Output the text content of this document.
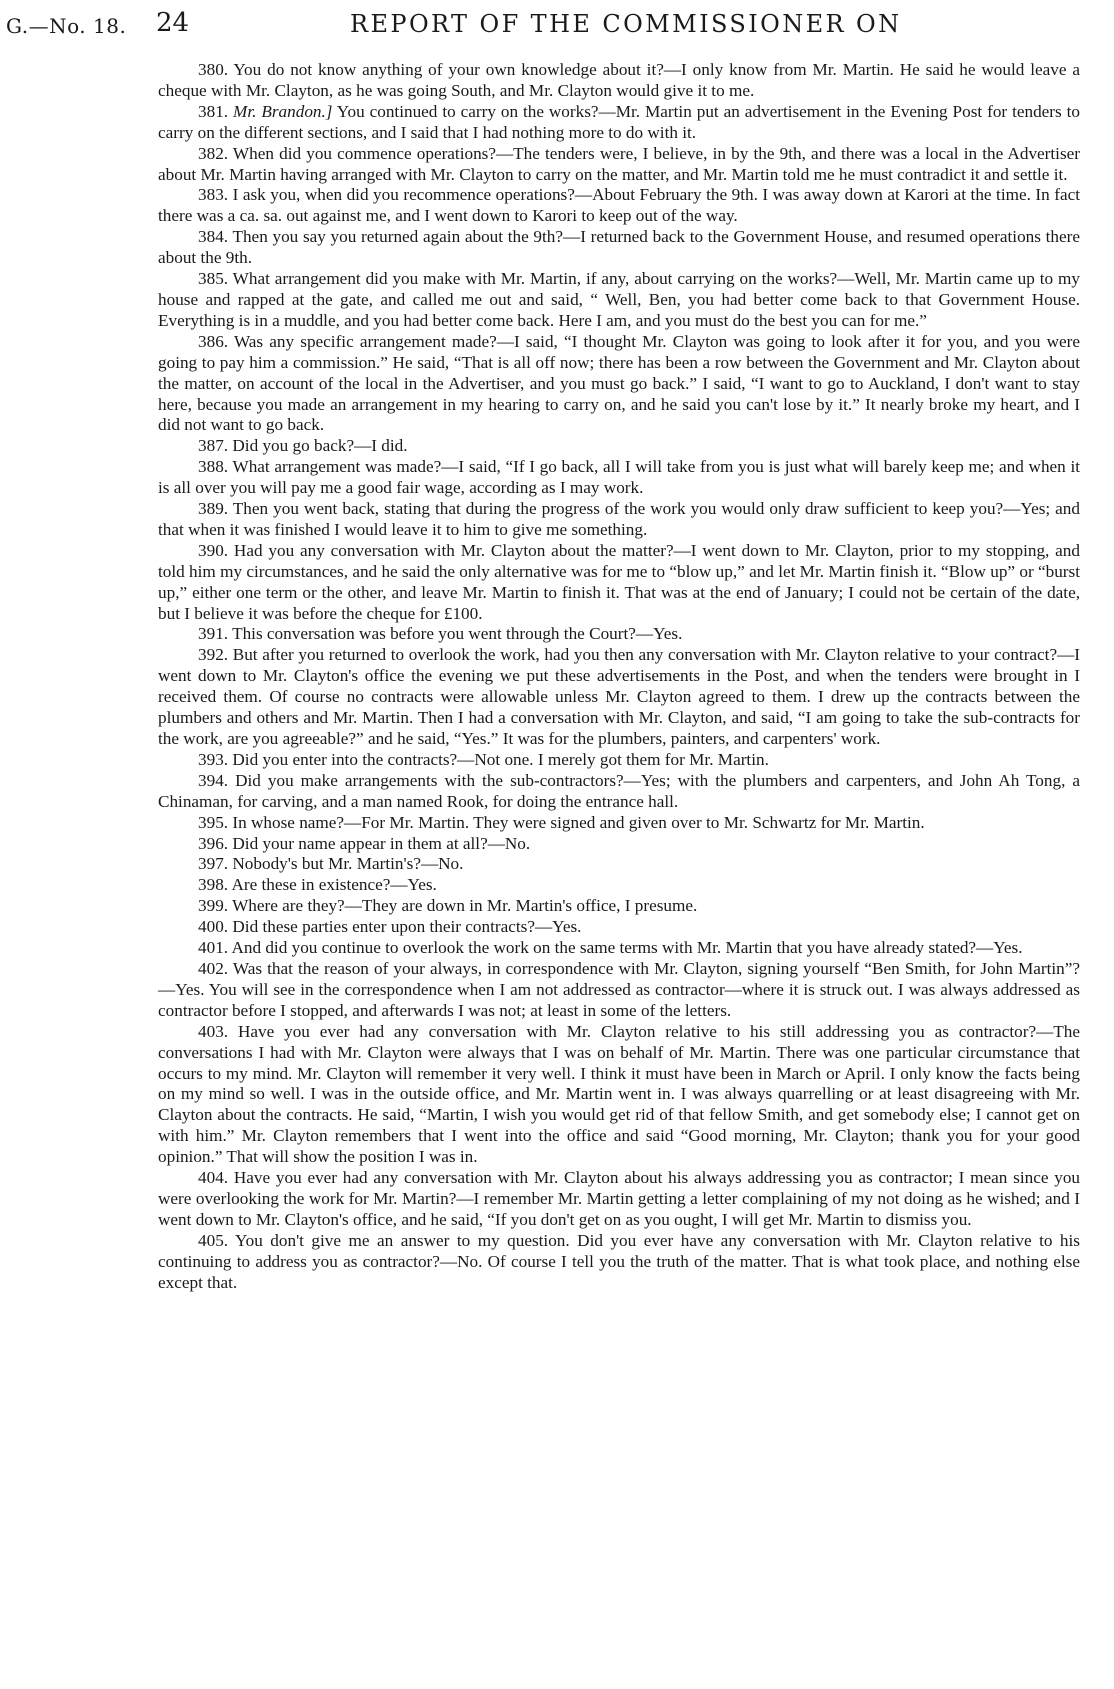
G.—No. 18. 24	REPORT OF THE COMMISSIONER ON

380. You do not know anything of your own knowledge about it?—I only know from Mr. Martin. He said he would leave a cheque with Mr. Clayton, as he was going South, and Mr. Clayton would give it to me.

381. Mr. Brandon.] You continued to carry on the works?—Mr. Martin put an advertisement in the Evening Post for tenders to carry on the different sections, and I said that I had nothing more to do with it.

382. When did you commence operations?—The tenders were, I believe, in by the 9th, and there was a local in the Advertiser about Mr. Martin having arranged with Mr. Clayton to carry on the matter, and Mr. Martin told me he must contradict it and settle it.

383. I ask you, when did you recommence operations?—About February the 9th. I was away down at Karori at the time. In fact there was a ca. sa. out against me, and I went down to Karori to keep out of the way.

384. Then you say you returned again about the 9th?—I returned back to the Government House, and resumed operations there about the 9th.

385. What arrangement did you make with Mr. Martin, if any, about carrying on the works?—Well, Mr. Martin came up to my house and rapped at the gate, and called me out and said, “ Well, Ben, you had better come back to that Government House. Everything is in a muddle, and you had better come back. Here I am, and you must do the best you can for me.”

386. Was any specific arrangement made?—I said, “I thought Mr. Clayton was going to look after it for you, and you were going to pay him a commission.” He said, “That is all off now; there has been a row between the Government and Mr. Clayton about the matter, on account of the local in the Advertiser, and you must go back.” I said, “I want to go to Auckland, I don't want to stay here, because you made an arrangement in my hearing to carry on, and he said you can't lose by it.” It nearly broke my heart, and I did not want to go back.

387. Did you go back?—I did.

388. What arrangement was made?—I said, “If I go back, all I will take from you is just what will barely keep me; and when it is all over you will pay me a good fair wage, according as I may work.

389. Then you went back, stating that during the progress of the work you would only draw sufficient to keep you?—Yes; and that when it was finished I would leave it to him to give me something.

390. Had you any conversation with Mr. Clayton about the matter?—I went down to Mr. Clayton, prior to my stopping, and told him my circumstances, and he said the only alternative was for me to “blow up,” and let Mr. Martin finish it. “Blow up” or “burst up,” either one term or the other, and leave Mr. Martin to finish it. That was at the end of January; I could not be certain of the date, but I believe it was before the cheque for £100.

391. This conversation was before you went through the Court?—Yes.

392. But after you returned to overlook the work, had you then any conversation with Mr. Clayton relative to your contract?—I went down to Mr. Clayton's office the evening we put these advertisements in the Post, and when the tenders were brought in I received them. Of course no contracts were allowable unless Mr. Clayton agreed to them. I drew up the contracts between the plumbers and others and Mr. Martin. Then I had a conversation with Mr. Clayton, and said, “I am going to take the sub-contracts for the work, are you agreeable?” and he said, “Yes.” It was for the plumbers, painters, and carpenters' work.

393. Did you enter into the contracts?—Not one. I merely got them for Mr. Martin.

394. Did you make arrangements with the sub-contractors?—Yes; with the plumbers and carpenters, and John Ah Tong, a Chinaman, for carving, and a man named Rook, for doing the entrance hall.

395. In whose name?—For Mr. Martin. They were signed and given over to Mr. Schwartz for Mr. Martin.

396. Did your name appear in them at all?—No.

397. Nobody's but Mr. Martin's?—No.

398. Are these in existence?—Yes.

399. Where are they?—They are down in Mr. Martin's office, I presume.

400. Did these parties enter upon their contracts?—Yes.

401. And did you continue to overlook the work on the same terms with Mr. Martin that you have already stated?—Yes.

402. Was that the reason of your always, in correspondence with Mr. Clayton, signing yourself “Ben Smith, for John Martin”?—Yes. You will see in the correspondence when I am not addressed as contractor—where it is struck out. I was always addressed as contractor before I stopped, and afterwards I was not; at least in some of the letters.

403. Have you ever had any conversation with Mr. Clayton relative to his still addressing you as contractor?—The conversations I had with Mr. Clayton were always that I was on behalf of Mr. Martin. There was one particular circumstance that occurs to my mind. Mr. Clayton will remember it very well. I think it must have been in March or April. I only know the facts being on my mind so well. I was in the outside office, and Mr. Martin went in. I was always quarrelling or at least disagreeing with Mr. Clayton about the contracts. He said, “Martin, I wish you would get rid of that fellow Smith, and get somebody else; I cannot get on with him.” Mr. Clayton remembers that I went into the office and said “Good morning, Mr. Clayton; thank you for your good opinion.” That will show the position I was in.

404. Have you ever had any conversation with Mr. Clayton about his always addressing you as contractor; I mean since you were overlooking the work for Mr. Martin?—I remember Mr. Martin getting a letter complaining of my not doing as he wished; and I went down to Mr. Clayton's office, and he said, “If you don't get on as you ought, I will get Mr. Martin to dismiss you.

405. You don't give me an answer to my question. Did you ever have any conversation with Mr. Clayton relative to his continuing to address you as contractor?—No. Of course I tell you the truth of the matter. That is what took place, and nothing else except that.
